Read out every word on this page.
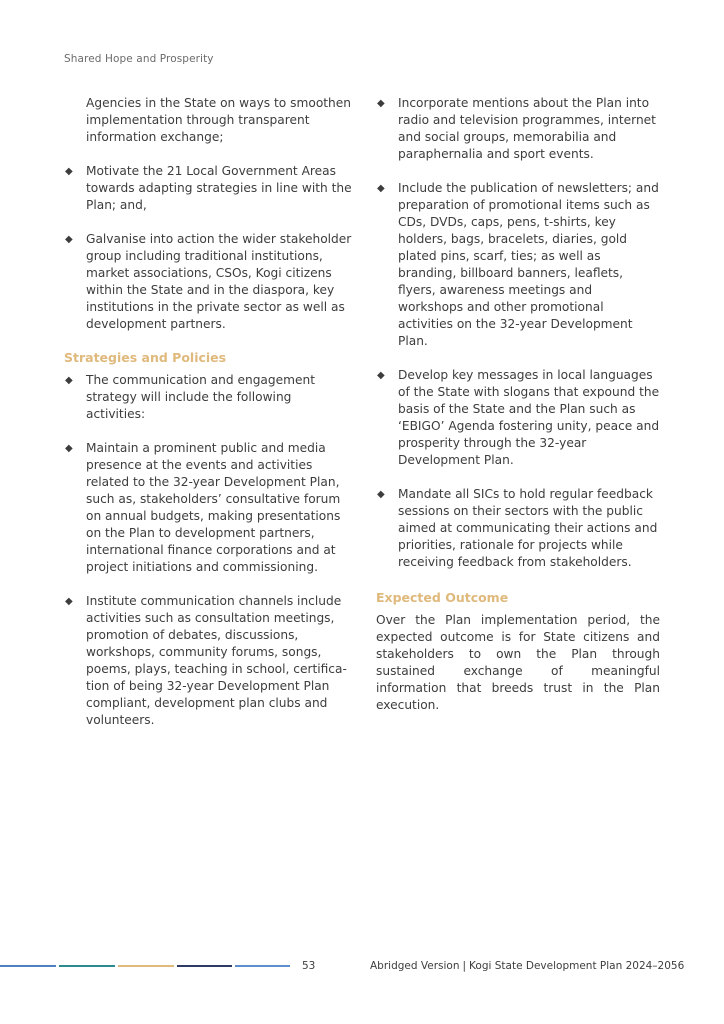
Shared Hope and Prosperity

Agencies in the State on ways to smoothen implementation through transparent information exchange;

◆ Motivate the 21 Local Government Areas towards adapting strategies in line with the Plan; and,
◆ Galvanise into action the wider stakeholder group including traditional institutions, market associations, CSOs, Kogi citizens within the State and in the diaspora, key institutions in the private sector as well as development partners.
Strategies and Policies
◆ The communication and engagement strategy will include the following activities:
◆ Maintain a prominent public and media presence at the events and activities related to the 32-year Development Plan, such as, stakeholders’ consultative forum on annual budgets, making presentations on the Plan to development partners, international finance corporations and at project initiations and commissioning.
◆ Institute communication channels include activities such as consultation meetings, promotion of debates, discussions, workshops, community forums, songs, poems, plays, teaching in school, certifica-tion of being 32-year Development Plan compliant, development plan clubs and volunteers.
◆ Incorporate mentions about the Plan into radio and television programmes, internet and social groups, memorabilia and paraphernalia and sport events.
◆ Include the publication of newsletters; and preparation of promotional items such as CDs, DVDs, caps, pens, t-shirts, key holders, bags, bracelets, diaries, gold plated pins, scarf, ties; as well as branding, billboard banners, leaflets, flyers, awareness meetings and workshops and other promotional activities on the 32-year Development Plan.
◆ Develop key messages in local languages of the State with slogans that expound the basis of the State and the Plan such as ‘EBIGO’ Agenda fostering unity, peace and prosperity through the 32-year Development Plan.
◆ Mandate all SICs to hold regular feedback sessions on their sectors with the public aimed at communicating their actions and priorities, rationale for projects while receiving feedback from stakeholders.
Expected Outcome

Over the Plan implementation period, the expected outcome is for State citizens and stakeholders to own the Plan through sustained exchange of meaningful information that breeds trust in the Plan execution.

53	Abridged Version | Kogi State Development Plan 2024–2056
